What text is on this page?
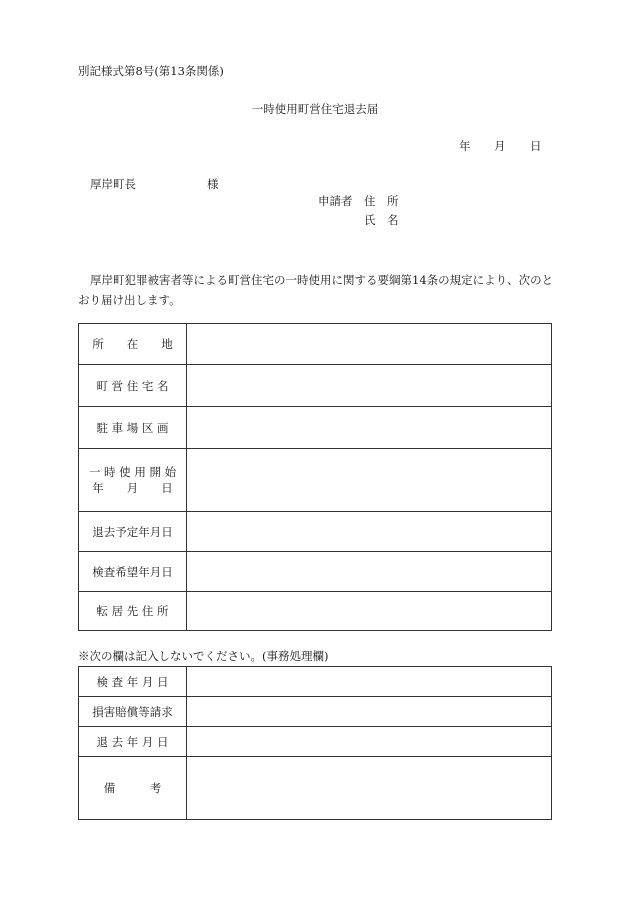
別記様式第8号(第13条関係)
一時使用町営住宅退去届
年 月 日
厚岸町長	様
申請者 住　所
氏　名
厚岸町犯罪被害者等による町営住宅の一時使用に関する要綱第14条の規定により、次のとおり届け出します。
所　　在　　地	
町 営 住 宅 名	
駐 車 場 区 画	

一 時 使 用 開 始
年　　月　　日	

退去予定年月日	
検査希望年月日	
転 居 先 住 所	
※次の欄は記入しないでください。(事務処理欄)
検 査 年 月 日	
損害賠償等請求	
退 去 年 月 日	
備　　　考	
